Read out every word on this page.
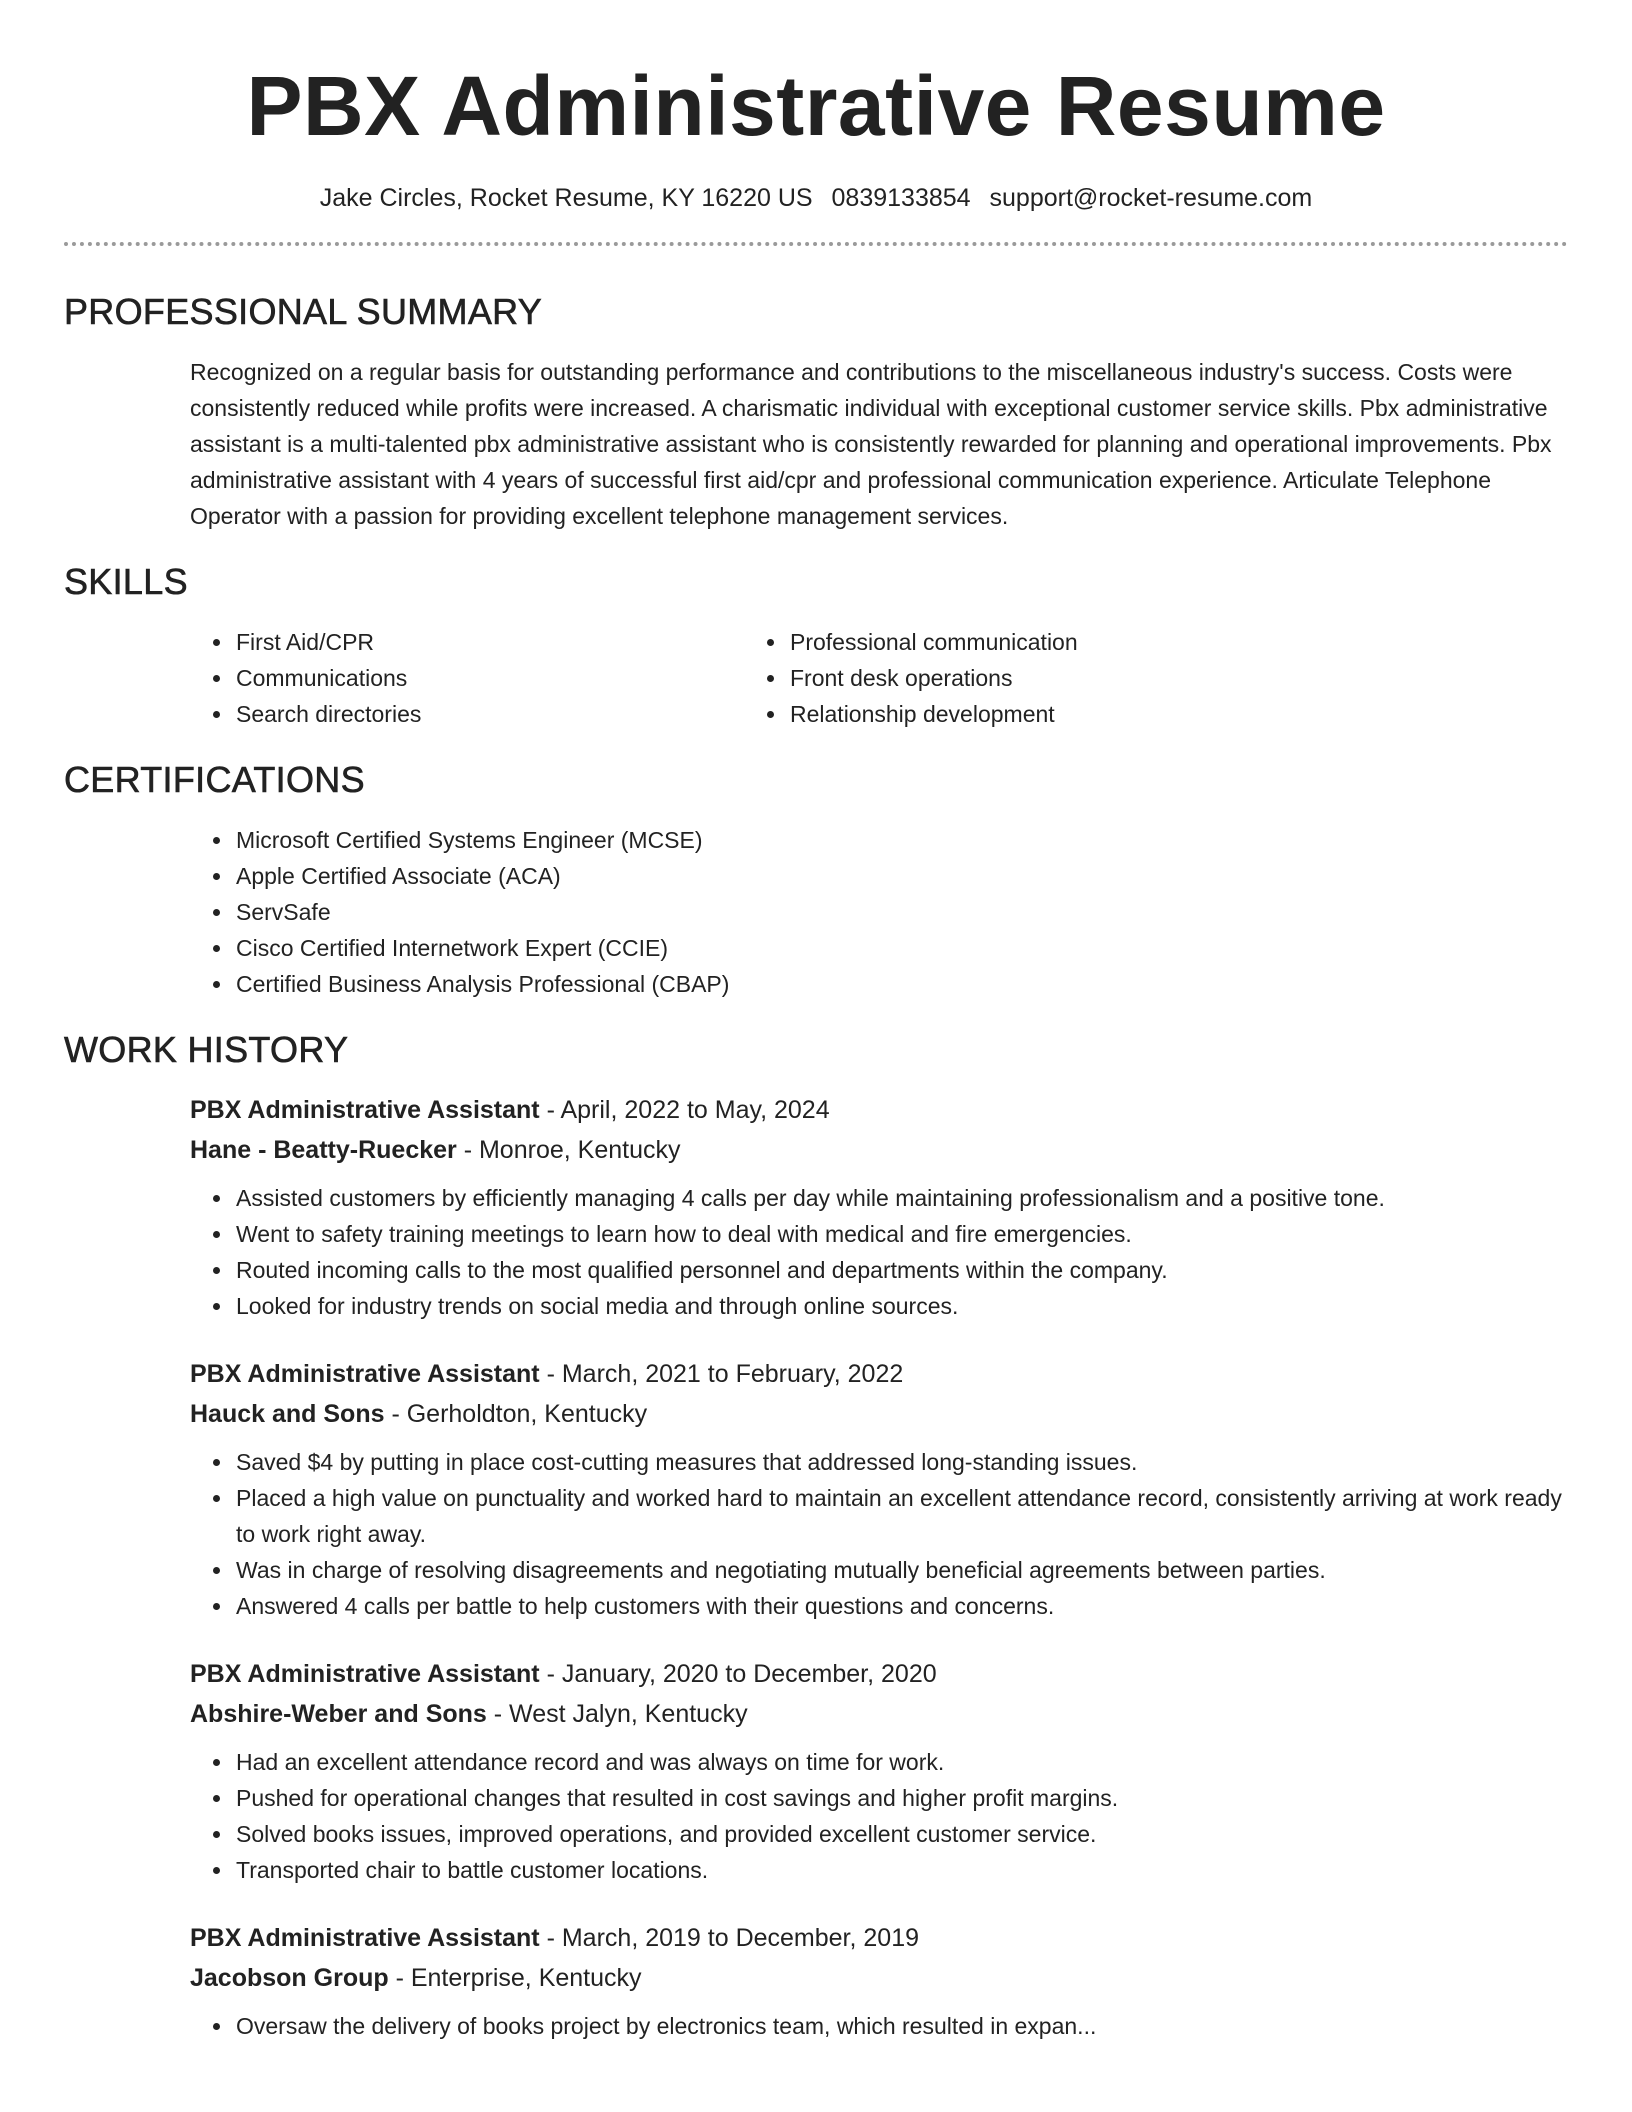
PBX Administrative Resume
Jake Circles, Rocket Resume, KY 16220 US 0839133854 support@rocket-resume.com
PROFESSIONAL SUMMARY
Recognized on a regular basis for outstanding performance and contributions to the miscellaneous industry's success. Costs were consistently reduced while profits were increased. A charismatic individual with exceptional customer service skills. Pbx administrative assistant is a multi-talented pbx administrative assistant who is consistently rewarded for planning and operational improvements. Pbx administrative assistant with 4 years of successful first aid/cpr and professional communication experience. Articulate Telephone Operator with a passion for providing excellent telephone management services.
SKILLS
• First Aid/CPR
• Communications
• Search directories
• Professional communication
• Front desk operations
• Relationship development
CERTIFICATIONS
• Microsoft Certified Systems Engineer (MCSE)
• Apple Certified Associate (ACA)
• ServSafe
• Cisco Certified Internetwork Expert (CCIE)
• Certified Business Analysis Professional (CBAP)
WORK HISTORY
PBX Administrative Assistant - April, 2022 to May, 2024
Hane - Beatty-Ruecker - Monroe, Kentucky
• Assisted customers by efficiently managing 4 calls per day while maintaining professionalism and a positive tone.
• Went to safety training meetings to learn how to deal with medical and fire emergencies.
• Routed incoming calls to the most qualified personnel and departments within the company.
• Looked for industry trends on social media and through online sources.
PBX Administrative Assistant - March, 2021 to February, 2022
Hauck and Sons - Gerholdton, Kentucky
• Saved $4 by putting in place cost-cutting measures that addressed long-standing issues.
• Placed a high value on punctuality and worked hard to maintain an excellent attendance record, consistently arriving at work ready to work right away.
• Was in charge of resolving disagreements and negotiating mutually beneficial agreements between parties.
• Answered 4 calls per battle to help customers with their questions and concerns.
PBX Administrative Assistant - January, 2020 to December, 2020
Abshire-Weber and Sons - West Jalyn, Kentucky
• Had an excellent attendance record and was always on time for work.
• Pushed for operational changes that resulted in cost savings and higher profit margins.
• Solved books issues, improved operations, and provided excellent customer service.
• Transported chair to battle customer locations.
PBX Administrative Assistant - March, 2019 to December, 2019
Jacobson Group - Enterprise, Kentucky
• Oversaw the delivery of books project by electronics team, which resulted in expan...
